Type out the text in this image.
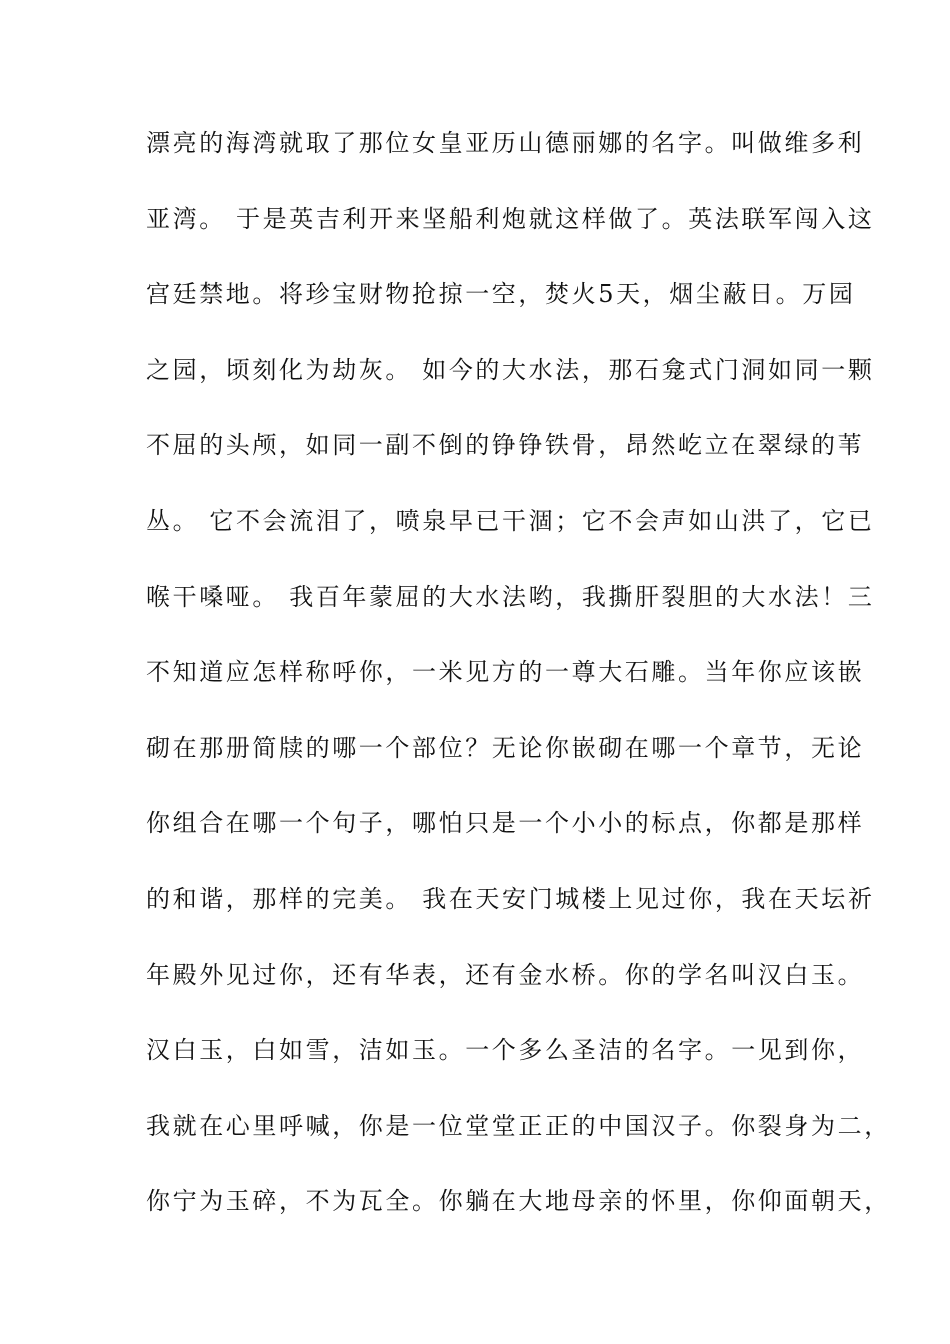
漂亮的海湾就取了那位女皇亚历山德丽娜的名字。叫做维多利
亚湾。 于是英吉利开来坚船利炮就这样做了。英法联军闯入这
宫廷禁地。将珍宝财物抢掠一空，焚火5天，烟尘蔽日。万园
之园，顷刻化为劫灰。 如今的大水法，那石龛式门洞如同一颗
不屈的头颅，如同一副不倒的铮铮铁骨，昂然屹立在翠绿的苇
丛。 它不会流泪了，喷泉早已干涸；它不会声如山洪了，它已
喉干嗓哑。 我百年蒙屈的大水法哟，我撕肝裂胆的大水法！三
不知道应怎样称呼你，一米见方的一尊大石雕。当年你应该嵌
砌在那册简牍的哪一个部位？无论你嵌砌在哪一个章节，无论
你组合在哪一个句子，哪怕只是一个小小的标点，你都是那样
的和谐，那样的完美。 我在天安门城楼上见过你，我在天坛祈
年殿外见过你，还有华表，还有金水桥。你的学名叫汉白玉。
汉白玉，白如雪，洁如玉。一个多么圣洁的名字。一见到你，
我就在心里呼喊，你是一位堂堂正正的中国汉子。你裂身为二，
你宁为玉碎，不为瓦全。你躺在大地母亲的怀里，你仰面朝天，
